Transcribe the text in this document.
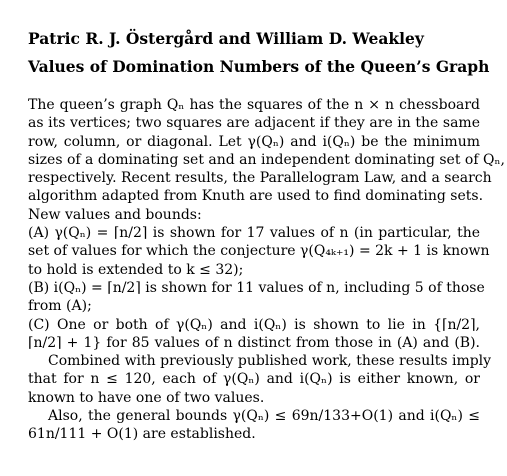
Patric R. J. Östergård and William D. Weakley
Values of Domination Numbers of the Queen’s Graph
The queen’s graph Qₙ has the squares of the n × n chessboard
as its vertices; two squares are adjacent if they are in the same
row, column, or diagonal. Let γ(Qₙ) and i(Qₙ) be the minimum
sizes of a dominating set and an independent dominating set of Qₙ,
respectively. Recent results, the Parallelogram Law, and a search
algorithm adapted from Knuth are used to find dominating sets.
New values and bounds:
(A) γ(Qₙ) = ⌈n/2⌉ is shown for 17 values of n (in particular, the
set of values for which the conjecture γ(Q₄ₖ₊₁) = 2k + 1 is known
to hold is extended to k ≤ 32);
(B) i(Qₙ) = ⌈n/2⌉ is shown for 11 values of n, including 5 of those
from (A);
(C) One or both of γ(Qₙ) and i(Qₙ) is shown to lie in {⌈n/2⌉,
⌈n/2⌉ + 1} for 85 values of n distinct from those in (A) and (B).
Combined with previously published work, these results imply
that for n ≤ 120, each of γ(Qₙ) and i(Qₙ) is either known, or
known to have one of two values.
Also, the general bounds γ(Qₙ) ≤ 69n/133+O(1) and i(Qₙ) ≤
61n/111 + O(1) are established.
